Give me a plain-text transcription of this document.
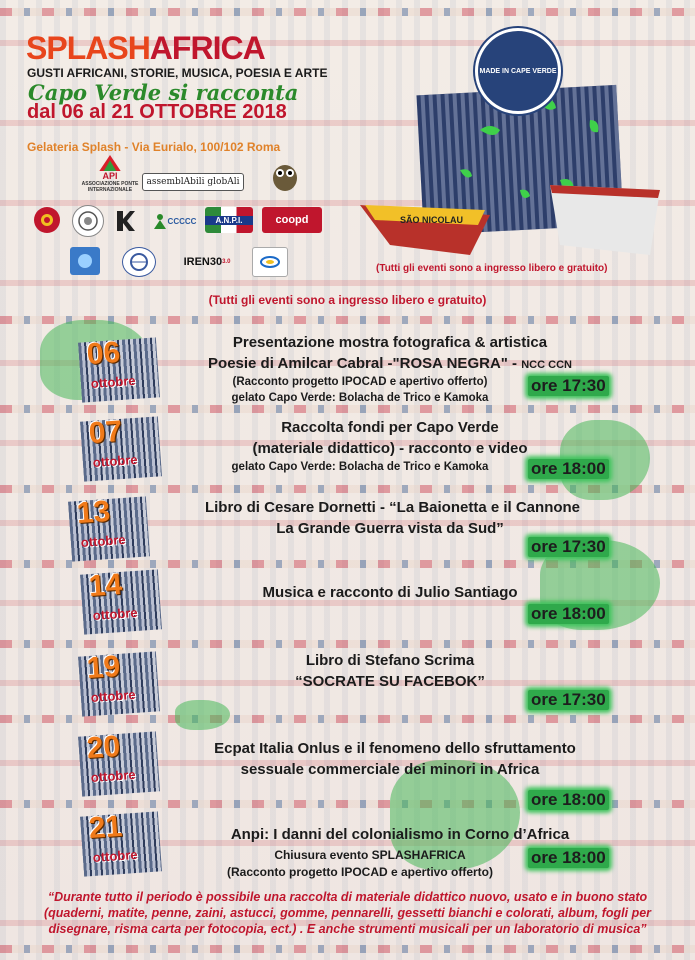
SPLASHAFRICA
GUSTI AFRICANI, STORIE, MUSICA, POESIA E ARTE
Capo Verde si racconta
dal 06 al 21 OTTOBRE 2018
Gelateria Splash - Via Eurialo, 100/102 Roma
API
ASSOCIAZIONE PONTE INTERNAZIONALE
assemblAbili globAli
CCCCC	A.N.P.I.	coopd
IREN30 3.0
SÃO NICOLAU
MADE IN CAPE VERDE
(Tutti gli eventi sono a ingresso libero e gratuito)
(Tutti gli eventi sono a ingresso libero e gratuito)
06
ottobre
Presentazione mostra fotografica & artistica
Poesie di Amilcar Cabral -"ROSA NEGRA" - NCC CCN
(Racconto progetto IPOCAD e apertivo offerto)
gelato Capo Verde: Bolacha de Trico e Kamoka
ore 17:30
07
ottobre
Raccolta fondi per Capo Verde
(materiale didattico) - racconto e video
gelato Capo Verde: Bolacha de Trico e Kamoka	ore 18:00
13
ottobre
Libro di Cesare Dornetti - “La Baionetta e il Cannone
La Grande Guerra vista da Sud”
ore 17:30
14
ottobre
Musica e racconto di Julio Santiago
ore 18:00
19
ottobre
Libro di Stefano Scrima
“SOCRATE SU FACEBOK”
ore 17:30
20
ottobre
Ecpat Italia Onlus e il fenomeno dello sfruttamento
sessuale commerciale dei minori in Africa
ore 18:00
21
ottobre
Anpi: I danni del colonialismo in Corno d’Africa
Chiusura evento SPLASHAFRICA
(Racconto progetto IPOCAD e apertivo offerto)
ore 18:00
“Durante tutto il periodo è possibile una raccolta di materiale didattico nuovo, usato e in buono stato
(quaderni, matite, penne, zaini, astucci, gomme, pennarelli, gessetti bianchi e colorati, album, fogli per
disegnare, risma carta per fotocopia, ect.) . E anche strumenti musicali per un laboratorio di musica”
